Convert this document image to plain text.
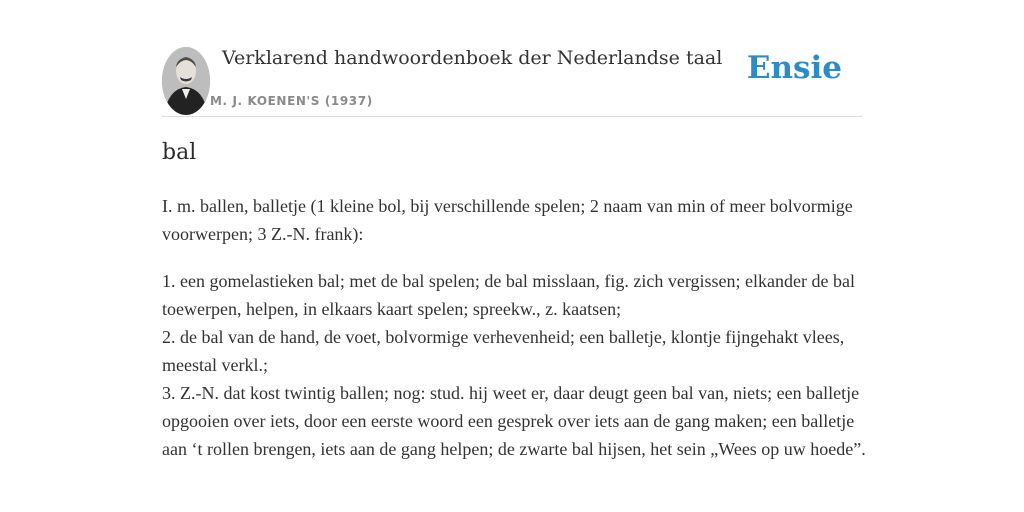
Verklarend handwoordenboek der Nederlandse taal
M. J. KOENEN'S (1937)
Ensie
bal

I. m. ballen, balletje (1 kleine bol, bij verschillende spelen; 2 naam van min of meer bolvormige voorwerpen; 3 Z.-N. frank):

1. een gomelastieken bal; met de bal spelen; de bal misslaan, fig. zich vergissen; elkander de bal toewerpen, helpen, in elkaars kaart spelen; spreekw., z. kaatsen;

2. de bal van de hand, de voet, bolvormige verhevenheid; een balletje, klontje fijngehakt vlees, meestal verkl.;

3. Z.-N. dat kost twintig ballen; nog: stud. hij weet er, daar deugt geen bal van, niets; een balletje opgooien over iets, door een eerste woord een gesprek over iets aan de gang maken; een balletje aan ‘t rollen brengen, iets aan de gang helpen; de zwarte bal hijsen, het sein „Wees op uw hoede”.
